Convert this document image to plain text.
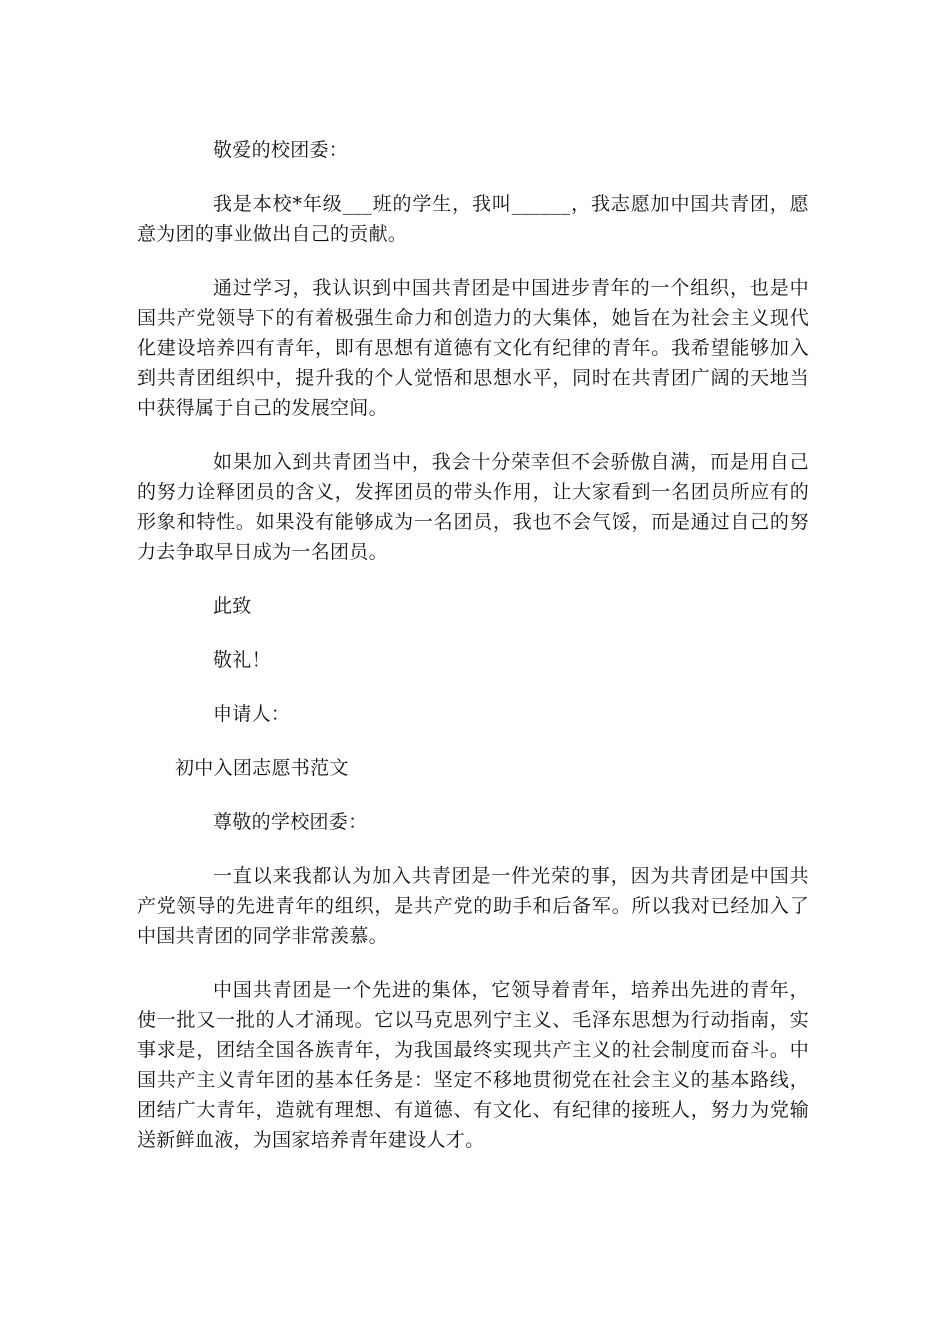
敬爱的校团委：

我是本校*年级___班的学生，我叫______，我志愿加中国共青团，愿意为团的事业做出自己的贡献。

通过学习，我认识到中国共青团是中国进步青年的一个组织，也是中国共产党领导下的有着极强生命力和创造力的大集体，她旨在为社会主义现代化建设培养四有青年，即有思想有道德有文化有纪律的青年。我希望能够加入到共青团组织中，提升我的个人觉悟和思想水平，同时在共青团广阔的天地当中获得属于自己的发展空间。

如果加入到共青团当中，我会十分荣幸但不会骄傲自满，而是用自己的努力诠释团员的含义，发挥团员的带头作用，让大家看到一名团员所应有的形象和特性。如果没有能够成为一名团员，我也不会气馁，而是通过自己的努力去争取早日成为一名团员。

此致

敬礼！

申请人：

初中入团志愿书范文

尊敬的学校团委：

一直以来我都认为加入共青团是一件光荣的事，因为共青团是中国共产党领导的先进青年的组织，是共产党的助手和后备军。所以我对已经加入了中国共青团的同学非常羡慕。

中国共青团是一个先进的集体，它领导着青年，培养出先进的青年，使一批又一批的人才涌现。它以马克思列宁主义、毛泽东思想为行动指南，实事求是，团结全国各族青年，为我国最终实现共产主义的社会制度而奋斗。中国共产主义青年团的基本任务是：坚定不移地贯彻党在社会主义的基本路线，团结广大青年，造就有理想、有道德、有文化、有纪律的接班人，努力为党输送新鲜血液，为国家培养青年建设人才。
